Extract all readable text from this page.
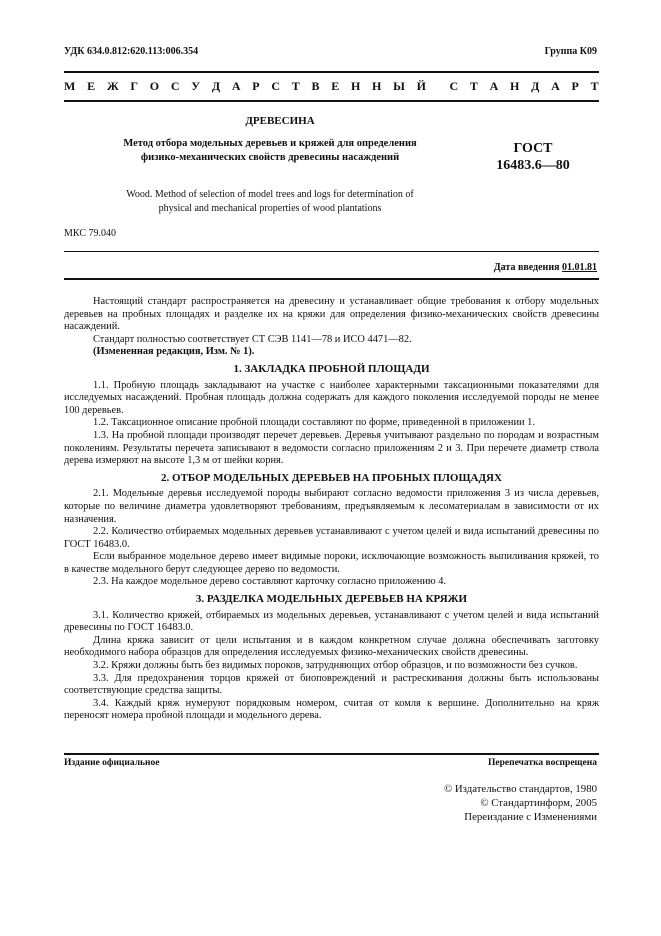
УДК 634.0.812:620.113:006.354	Группа К09
М Е Ж Г О С У Д А Р С Т В Е Н Н Ы Й С Т А Н Д А Р Т
ДРЕВЕСИНА
Метод отбора модельных деревьев и кряжей для определения физико-механических свойств древесины насаждений
ГОСТ
16483.6—80
Wood. Method of selection of model trees and logs for determination of physical and mechanical properties of wood plantations
МКС 79.040
Дата введения 01.01.81

Настоящий стандарт распространяется на древесину и устанавливает общие требования к отбору модельных деревьев на пробных площадях и разделке их на кряжи для определения физико-механических свойств древесины насаждений.

Стандарт полностью соответствует СТ СЭВ 1141—78 и ИСО 4471—82.

(Измененная редакция, Изм. № 1).

1. ЗАКЛАДКА ПРОБНОЙ ПЛОЩАДИ

1.1. Пробную площадь закладывают на участке с наиболее характерными таксационными показателями для исследуемых насаждений. Пробная площадь должна содержать для каждого поколения исследуемой породы не менее 100 деревьев.

1.2. Таксационное описание пробной площади составляют по форме, приведенной в приложении 1.

1.3. На пробной площади производят перечет деревьев. Деревья учитывают раздельно по породам и возрастным поколениям. Результаты перечета записывают в ведомости согласно приложениям 2 и 3. При перечете диаметр ствола дерева измеряют на высоте 1,3 м от шейки корня.

2. ОТБОР МОДЕЛЬНЫХ ДЕРЕВЬЕВ НА ПРОБНЫХ ПЛОЩАДЯХ

2.1. Модельные деревья исследуемой породы выбирают согласно ведомости приложения 3 из числа деревьев, которые по величине диаметра удовлетворяют требованиям, предъявляемым к лесоматериалам в зависимости от их назначения.

2.2. Количество отбираемых модельных деревьев устанавливают с учетом целей и вида испытаний древесины по ГОСТ 16483.0.

Если выбранное модельное дерево имеет видимые пороки, исключающие возможность выпиливания кряжей, то в качестве модельного берут следующее дерево по ведомости.

2.3. На каждое модельное дерево составляют карточку согласно приложению 4.

3. РАЗДЕЛКА МОДЕЛЬНЫХ ДЕРЕВЬЕВ НА КРЯЖИ

3.1. Количество кряжей, отбираемых из модельных деревьев, устанавливают с учетом целей и вида испытаний древесины по ГОСТ 16483.0.

Длина кряжа зависит от цели испытания и в каждом конкретном случае должна обеспечивать заготовку необходимого набора образцов для определения исследуемых физико-механических свойств древесины.

3.2. Кряжи должны быть без видимых пороков, затрудняющих отбор образцов, и по возможности без сучков.

3.3. Для предохранения торцов кряжей от биоповреждений и растрескивания должны быть использованы соответствующие средства защиты.

3.4. Каждый кряж нумеруют порядковым номером, считая от комля к вершине. Дополнительно на кряж переносят номера пробной площади и модельного дерева.

Издание официальное	Перепечатка воспрещена
© Издательство стандартов, 1980
© Стандартинформ, 2005
Переиздание с Изменениями
